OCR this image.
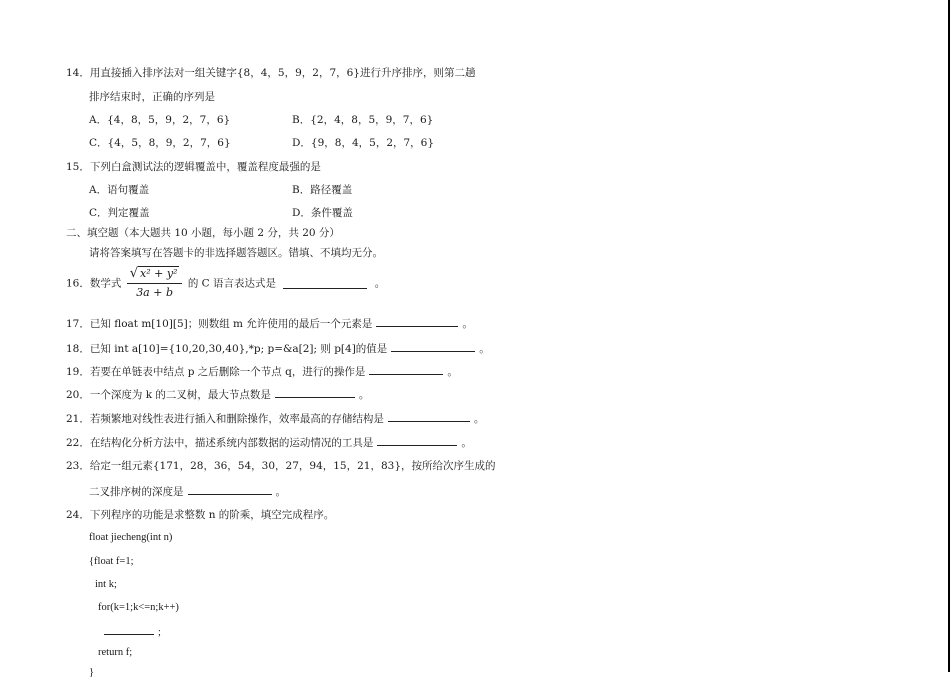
14．用直接插入排序法对一组关键字{8，4，5，9，2，7，6}进行升序排序，则第二趟
排序结束时，正确的序列是
A．{4，8，5，9，2，7，6}	B．{2，4，8，5，9，7，6}
C．{4，5，8，9，2，7，6}	D．{9，8，4，5，2，7，6}
15．下列白盒测试法的逻辑覆盖中，覆盖程度最强的是
A．语句覆盖	B．路径覆盖
C．判定覆盖	D．条件覆盖
二、填空题（本大题共 10 小题，每小题 2 分，共 20 分）
请将答案填写在答题卡的非选择题答题区。错填、不填均无分。
16．数学式 $\frac{\text{√ x² + y²}}{3a + b}$ 的 C 语言表达式是	。
17．已知 float m[10][5]；则数组 m 允许使用的最后一个元素是	。
18．已知 int a[10]={10,20,30,40},*p; p=&a[2]; 则 p[4]的值是	。
19．若要在单链表中结点 p 之后删除一个节点 q，进行的操作是	。
20．一个深度为 k 的二叉树，最大节点数是	。
21．若频繁地对线性表进行插入和删除操作，效率最高的存储结构是	。
22．在结构化分析方法中，描述系统内部数据的运动情况的工具是	。
23．给定一组元素{171，28，36，54，30，27，94，15，21，83}，按所给次序生成的
二叉排序树的深度是	。
24．下列程序的功能是求整数 n 的阶乘，填空完成程序。
float jiecheng(int n)
{float f=1;
int k;
for(k=1;k<=n;k++)
;
return f;
}
